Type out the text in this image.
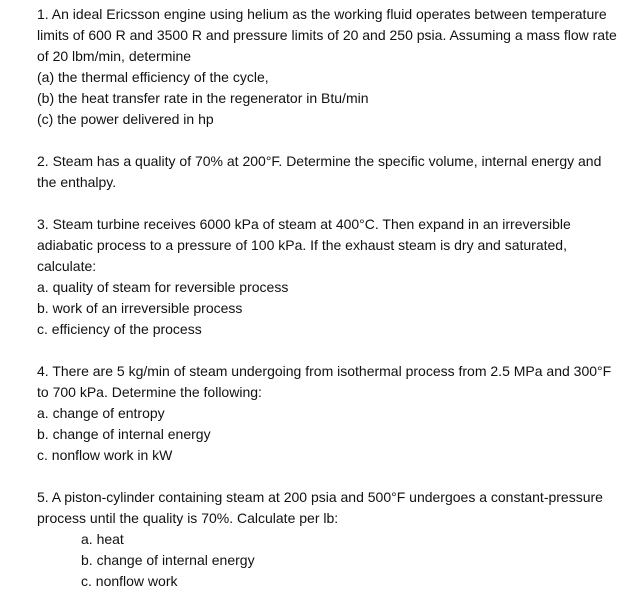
1. An ideal Ericsson engine using helium as the working fluid operates between temperature limits of 600 R and 3500 R and pressure limits of 20 and 250 psia. Assuming a mass flow rate of 20 lbm/min, determine

(a) the thermal efficiency of the cycle,

(b) the heat transfer rate in the regenerator in Btu/min

(c) the power delivered in hp

2. Steam has a quality of 70% at 200°F. Determine the specific volume, internal energy and the enthalpy.

3. Steam turbine receives 6000 kPa of steam at 400°C. Then expand in an irreversible adiabatic process to a pressure of 100 kPa. If the exhaust steam is dry and saturated, calculate:

a. quality of steam for reversible process

b. work of an irreversible process

c. efficiency of the process

4. There are 5 kg/min of steam undergoing from isothermal process from 2.5 MPa and 300°F to 700 kPa. Determine the following:

a. change of entropy

b. change of internal energy

c. nonflow work in kW

5. A piston-cylinder containing steam at 200 psia and 500°F undergoes a constant-pressure process until the quality is 70%. Calculate per lb:

a. heat

b. change of internal energy

c. nonflow work
